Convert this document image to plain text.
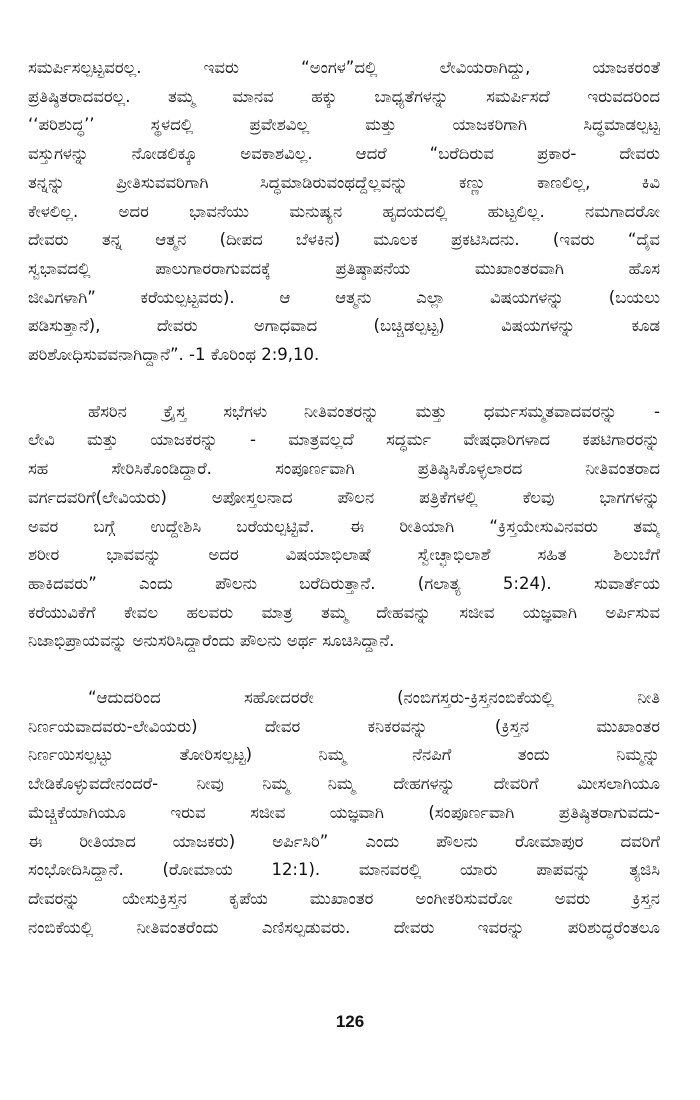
ಸಮರ್ಪಿಸಲ್ಪಟ್ಟವರಲ್ಲ. ಇವರು “ಅಂಗಳ”ದಲ್ಲಿ ಲೇವಿಯರಾಗಿದ್ದು, ಯಾಜಕರಂತೆ
ಪ್ರತಿಷ್ಠಿತರಾದವರಲ್ಲ. ತಮ್ಮ ಮಾನವ ಹಕ್ಕು ಬಾಧ್ಯತೆಗಳನ್ನು ಸಮರ್ಪಿಸದೆ ಇರುವದರಿಂದ
‘‘ಪರಿಶುದ್ಧ’’ ಸ್ಥಳದಲ್ಲಿ ಪ್ರವೇಶವಿಲ್ಲ ಮತ್ತು ಯಾಜಕರಿಗಾಗಿ ಸಿದ್ಧಮಾಡಲ್ಪಟ್ಟ
ವಸ್ತುಗಳನ್ನು ನೋಡಲಿಕ್ಕೂ ಅವಕಾಶವಿಲ್ಲ. ಆದರೆ “ಬರೆದಿರುವ ಪ್ರಕಾರ- ದೇವರು
ತನ್ನನ್ನು ಪ್ರೀತಿಸುವವರಿಗಾಗಿ ಸಿದ್ಧಮಾಡಿರುವಂಥದ್ದೆಲ್ಲವನ್ನು ಕಣ್ಣು ಕಾಣಲಿಲ್ಲ, ಕಿವಿ
ಕೇಳಲಿಲ್ಲ. ಅದರ ಭಾವನೆಯು ಮನುಷ್ಯನ ಹೃದಯದಲ್ಲಿ ಹುಟ್ಟಲಿಲ್ಲ. ನಮಗಾದರೋ
ದೇವರು ತನ್ನ ಆತ್ಮನ (ದೀಪದ ಬೆಳಕಿನ) ಮೂಲಕ ಪ್ರಕಟಿಸಿದನು. (ಇವರು “ದೈವ
ಸ್ವಭಾವದಲ್ಲಿ ಪಾಲುಗಾರರಾಗುವದಕ್ಕೆ ಪ್ರತಿಷ್ಠಾಪನೆಯ ಮುಖಾಂತರವಾಗಿ ಹೊಸ
ಜೀವಿಗಳಾಗಿ” ಕರೆಯಲ್ಪಟ್ಟವರು). ಆ ಆತ್ಮನು ಎಲ್ಲಾ ವಿಷಯಗಳನ್ನು (ಬಯಲು
ಪಡಿಸುತ್ತಾನೆ), ದೇವರು ಅಗಾಧವಾದ (ಬಚ್ಚಿಡಲ್ಪಟ್ಟ) ವಿಷಯಗಳನ್ನು ಕೂಡ
ಪರಿಶೋಧಿಸುವವನಾಗಿದ್ದಾನೆ”. -1 ಕೊರಿಂಥ 2:9,10.
ಹೆಸರಿನ ಕ್ರೈಸ್ತ ಸಭೆಗಳು ನೀತಿವಂತರನ್ನು ಮತ್ತು ಧರ್ಮಸಮ್ಮತವಾದವರನ್ನು -
ಲೇವಿ ಮತ್ತು ಯಾಜಕರನ್ನು - ಮಾತ್ರವಲ್ಲದೆ ಸದ್ಧರ್ಮ ವೇಷಧಾರಿಗಳಾದ ಕಪಟಿಗಾರರನ್ನು
ಸಹ ಸೇರಿಸಿಕೊಂಡಿದ್ದಾರೆ. ಸಂಪೂರ್ಣವಾಗಿ ಪ್ರತಿಷ್ಠಿಸಿಕೊಳ್ಳಲಾರದ ನೀತಿವಂತರಾದ
ವರ್ಗದವರಿಗೆ(ಲೇವಿಯರು) ಅಪೋಸ್ತಲನಾದ ಪೌಲನ ಪತ್ರಿಕೆಗಳಲ್ಲಿ ಕೆಲವು ಭಾಗಗಳನ್ನು
ಅವರ ಬಗ್ಗೆ ಉದ್ದೇಶಿಸಿ ಬರೆಯಲ್ಪಟ್ಟಿವೆ. ಈ ರೀತಿಯಾಗಿ “ಕ್ರಿಸ್ತಯೇಸುವಿನವರು ತಮ್ಮ
ಶರೀರ ಭಾವವನ್ನು ಅದರ ವಿಷಯಾಭಿಲಾಷೆ ಸ್ವೇಚ್ಛಾಭಿಲಾಶೆ ಸಹಿತ ಶಿಲುಬೆಗೆ
ಹಾಕಿದವರು” ಎಂದು ಪೌಲನು ಬರೆದಿರುತ್ತಾನೆ. (ಗಲಾತ್ಯ 5:24). ಸುವಾರ್ತೆಯ
ಕರೆಯುವಿಕೆಗೆ ಕೇವಲ ಹಲವರು ಮಾತ್ರ ತಮ್ಮ ದೇಹವನ್ನು ಸಜೀವ ಯಜ್ಞವಾಗಿ ಅರ್ಪಿಸುವ
ನಿಜಾಭಿಪ್ರಾಯವನ್ನು ಅನುಸರಿಸಿದ್ದಾರೆಂದು ಪೌಲನು ಅರ್ಥ ಸೂಚಿಸಿದ್ದಾನೆ.
“ಆದುದರಿಂದ ಸಹೋದರರೇ (ನಂಬಿಗಸ್ತರು-ಕ್ರಿಸ್ತನಂಬಿಕೆಯಲ್ಲಿ ನೀತಿ
ನಿರ್ಣಯವಾದವರು-ಲೇವಿಯರು) ದೇವರ ಕನಿಕರವನ್ನು (ಕ್ರಿಸ್ತನ ಮುಖಾಂತರ
ನಿರ್ಣಯಿಸಲ್ಪಟ್ಟು ತೋರಿಸಲ್ಪಟ್ಟ) ನಿಮ್ಮ ನೆನಪಿಗೆ ತಂದು ನಿಮ್ಮನ್ನು
ಬೇಡಿಕೊಳ್ಳುವದೇನಂದರೆ- ನೀವು ನಿಮ್ಮ ನಿಮ್ಮ ದೇಹಗಳನ್ನು ದೇವರಿಗೆ ಮೀಸಲಾಗಿಯೂ
ಮೆಚ್ಚಿಕೆಯಾಗಿಯೂ ಇರುವ ಸಜೀವ ಯಜ್ಞವಾಗಿ (ಸಂಪೂರ್ಣವಾಗಿ ಪ್ರತಿಷ್ಠಿತರಾಗುವದು-
ಈ ರೀತಿಯಾದ ಯಾಜಕರು) ಅರ್ಪಿಸಿರಿ” ಎಂದು ಪೌಲನು ರೋಮಾಪುರ ದವರಿಗೆ
ಸಂಭೋದಿಸಿದ್ದಾನೆ. (ರೋಮಾಯ 12:1). ಮಾನವರಲ್ಲಿ ಯಾರು ಪಾಪವನ್ನು ತ್ಯಜಿಸಿ
ದೇವರನ್ನು ಯೇಸುಕ್ರಿಸ್ತನ ಕೃಪೆಯ ಮುಖಾಂತರ ಅಂಗೀಕರಿಸುವರೋ ಅವರು ಕ್ರಿಸ್ತನ
ನಂಬಿಕೆಯಲ್ಲಿ ನೀತಿವಂತರೆಂದು ಎಣಿಸಲ್ಪಡುವರು. ದೇವರು ಇವರನ್ನು ಪರಿಶುದ್ಧರೆಂತಲೂ
126
